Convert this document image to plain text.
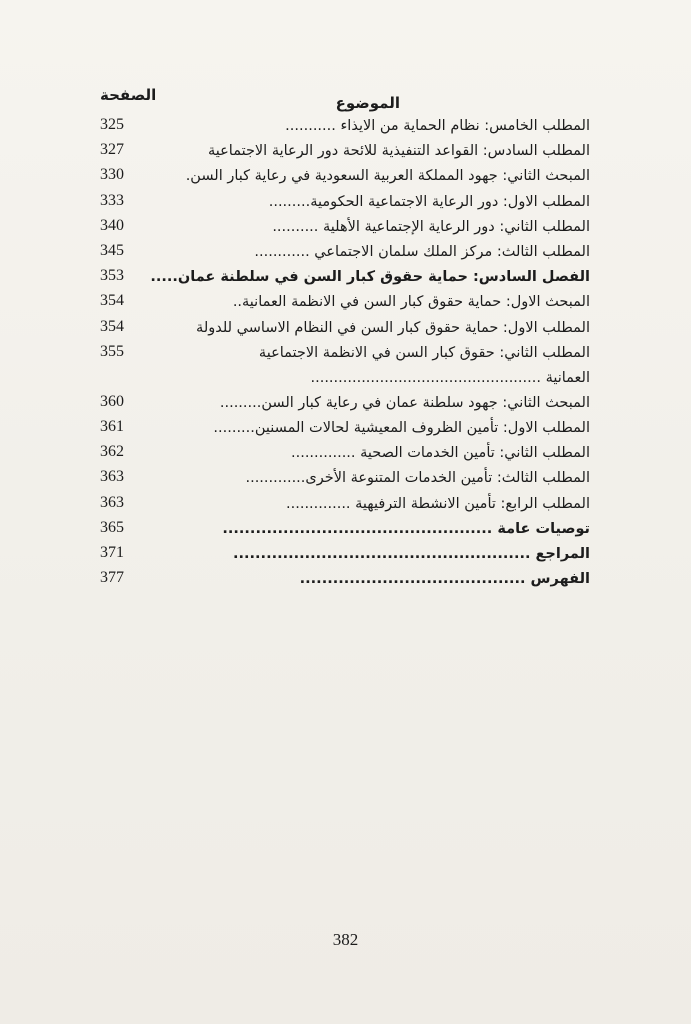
الصفحة	الموضوع
المطلب الخامس: نظام الحماية من الايذاء ...........
325
المطلب السادس: القواعد التنفيذية للائحة دور الرعاية الاجتماعية
327
المبحث الثاني: جهود المملكة العربية السعودية في رعاية كبار السن.
330
المطلب الاول: دور الرعاية الاجتماعية الحكومية.........
333
المطلب الثاني: دور الرعاية الإجتماعية الأهلية ..........
340
المطلب الثالث: مركز الملك سلمان الاجتماعي ............
345
الفصل السادس: حماية حقوق كبار السن في سلطنة عمان.....
353
المبحث الاول: حماية حقوق كبار السن في الانظمة العمانية..
354
المطلب الاول: حماية حقوق كبار السن في النظام الاساسي للدولة
354
المطلب الثاني: حقوق كبار السن في الانظمة الاجتماعية
355
العمانية ..................................................
المبحث الثاني: جهود سلطنة عمان في رعاية كبار السن.........
360
المطلب الاول: تأمين الظروف المعيشية لحالات المسنين.........
361
المطلب الثاني: تأمين الخدمات الصحية ..............
362
المطلب الثالث: تأمين الخدمات المتنوعة الأخرى.............
363
المطلب الرابع: تأمين الانشطة الترفيهية ..............
363
توصيات عامة .................................................
365
المراجع ......................................................
371
الفهرس .........................................
377
382
